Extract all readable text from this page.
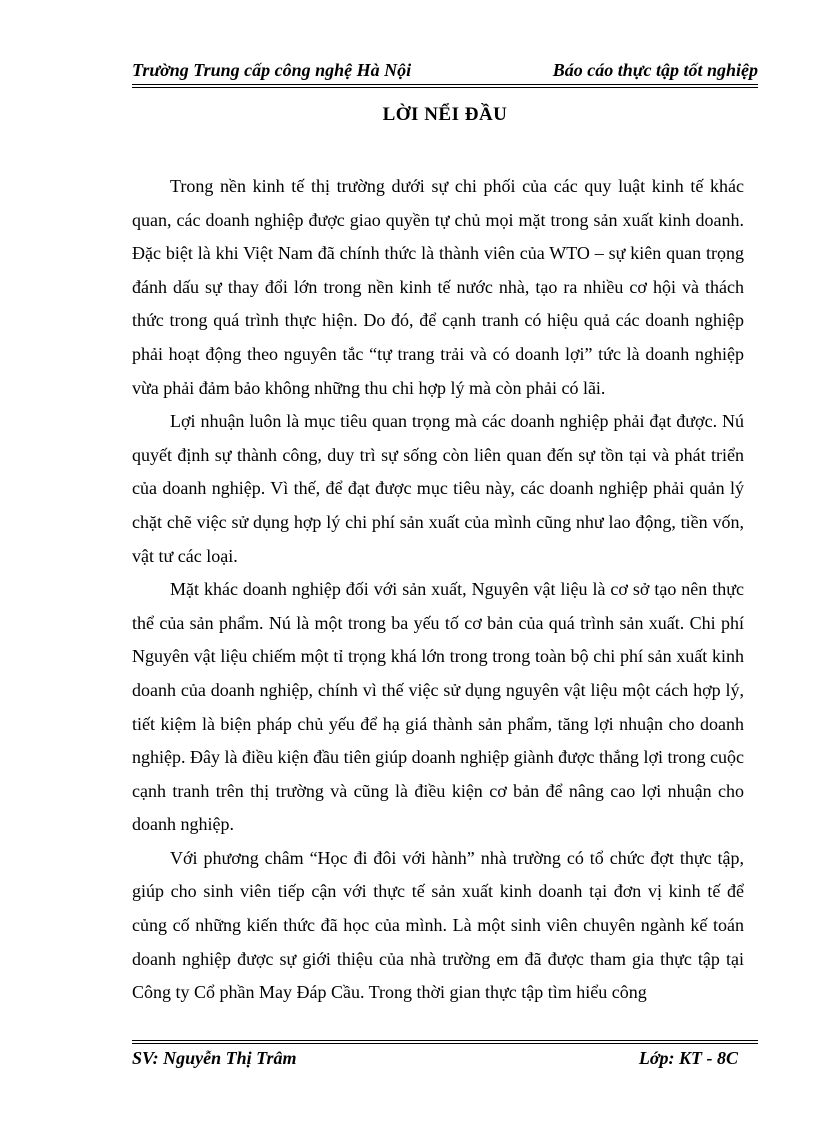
Trường Trung cấp công nghệ Hà Nội	Báo cáo thực tập tốt nghiệp
LỜI NỂI ĐẦU

Trong nền kinh tế thị trường dưới sự chi phối của các quy luật kinh tế khác quan, các doanh nghiệp được giao quyền tự chủ mọi mặt trong sản xuất kinh doanh. Đặc biệt là khi Việt Nam đã chính thức là thành viên của WTO – sự kiên quan trọng đánh dấu sự thay đổi lớn trong nền kinh tế nước nhà, tạo ra nhiều cơ hội và thách thức trong quá trình thực hiện. Do đó, để cạnh tranh có hiệu quả các doanh nghiệp phải hoạt động theo nguyên tắc “tự trang trải và có doanh lợi” tức là doanh nghiệp vừa phải đảm bảo không những thu chi hợp lý mà còn phải có lãi.

Lợi nhuận luôn là mục tiêu quan trọng mà các doanh nghiệp phải đạt được. Nú quyết định sự thành công, duy trì sự sống còn liên quan đến sự tồn tại và phát triển của doanh nghiệp. Vì thế, để đạt được mục tiêu này, các doanh nghiệp phải quản lý chặt chẽ việc sử dụng hợp lý chi phí sản xuất của mình cũng như lao động, tiền vốn, vật tư các loại.

Mặt khác doanh nghiệp đối với sản xuất, Nguyên vật liệu là cơ sở tạo nên thực thể của sản phẩm. Nú là một trong ba yếu tố cơ bản của quá trình sản xuất. Chi phí Nguyên vật liệu chiếm một tỉ trọng khá lớn trong trong toàn bộ chi phí sản xuất kinh doanh của doanh nghiệp, chính vì thế việc sử dụng nguyên vật liệu một cách hợp lý, tiết kiệm là biện pháp chủ yếu để hạ giá thành sản phẩm, tăng lợi nhuận cho doanh nghiệp. Đây là điều kiện đầu tiên giúp doanh nghiệp giành được thắng lợi trong cuộc cạnh tranh trên thị trường và cũng là điều kiện cơ bản để nâng cao lợi nhuận cho doanh nghiệp.

Với phương châm “Học đi đôi với hành” nhà trường có tổ chức đợt thực tập, giúp cho sinh viên tiếp cận với thực tế sản xuất kinh doanh tại đơn vị kinh tế để củng cố những kiến thức đã học của mình. Là một sinh viên chuyên ngành kế toán doanh nghiệp được sự giới thiệu của nhà trường em đã được tham gia thực tập tại Công ty Cổ phần May Đáp Cầu. Trong thời gian thực tập tìm hiểu công

SV: Nguyễn Thị Trâm	Lớp: KT - 8C
